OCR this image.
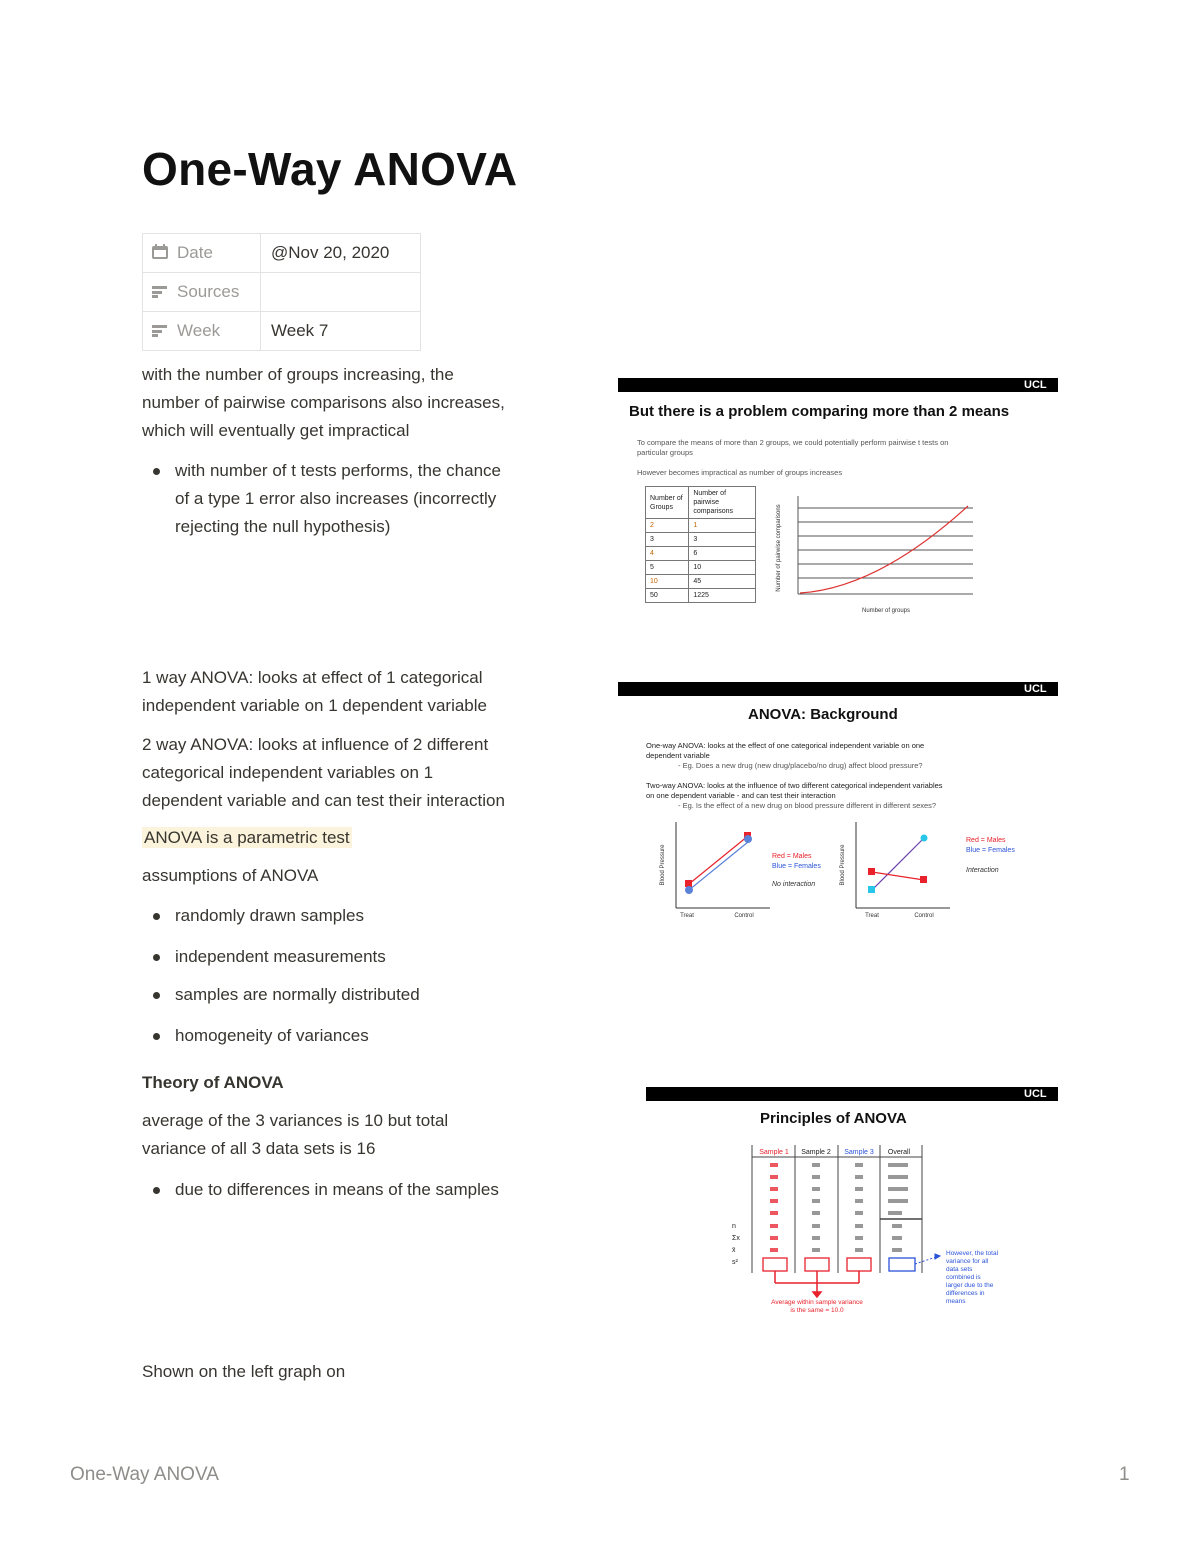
One-Way ANOVA
Date	@Nov 20, 2020
Sources	
Week	Week 7
with the number of groups increasing, the
number of pairwise comparisons also increases,
which will eventually get impractical
with number of t tests performs, the chance
of a type 1 error also increases (incorrectly
rejecting the null hypothesis)
1 way ANOVA: looks at effect of 1 categorical
independent variable on 1 dependent variable
2 way ANOVA: looks at influence of 2 different
categorical independent variables on 1
dependent variable and can test their interaction
ANOVA is a parametric test
assumptions of ANOVA
randomly drawn samples
independent measurements
samples are normally distributed
homogeneity of variances
Theory of ANOVA
average of the 3 variances is 10 but total
variance of all 3 data sets is 16
due to differences in means of the samples
Shown on the left graph on
UCL
But there is a problem comparing more than 2 means
To compare the means of more than 2 groups, we could potentially perform pairwise t tests on
particular groups
However becomes impractical as number of groups increases
Number of Groups	Number of pairwise comparisons
2	1
3	3
4	6
5	10
10	45
50	1225
Number of pairwise comparisons
Number of groups
UCL
ANOVA: Background
One-way ANOVA: looks at the effect of one categorical independent variable on one
dependent variable
- Eg. Does a new drug (new drug/placebo/no drug) affect blood pressure?
Two-way ANOVA: looks at the influence of two different categorical independent variables
on one dependent variable - and can test their interaction
- Eg. Is the effect of a new drug on blood pressure different in different sexes?
Blood Pressure
Treat	Control
Red = Males
Blue = Females
No interaction	Blood Pressure
Treat	Control
Red = Males
Blue = Females
Interaction
UCL
Principles of ANOVA
Sample 1 Sample 2 Sample 3 Overall
n
Σx
x̄
s²
Average within sample variance
is the same = 10.0
However, the total
variance for all
data sets
combined is
larger due to the
differences in
means
One-Way ANOVA	1
